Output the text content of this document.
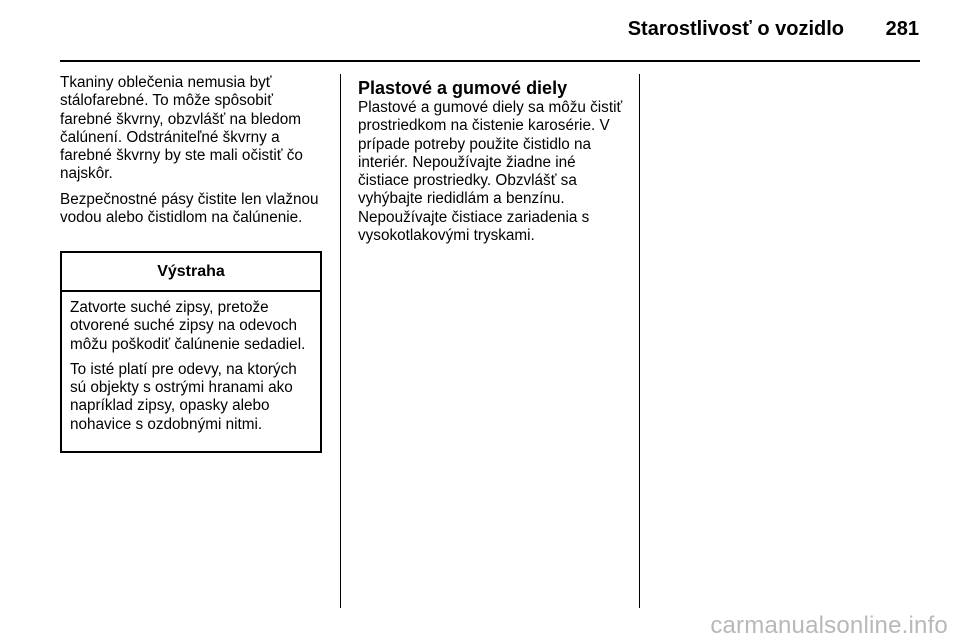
Starostlivosť o vozidlo 281

Tkaniny oblečenia nemusia byť stálofarebné. To môže spôsobiť farebné škvrny, obzvlášť na bledom čalúnení. Odstrániteľné škvrny a farebné škvrny by ste mali očistiť čo najskôr.

Bezpečnostné pásy čistite len vlažnou vodou alebo čistidlom na čalúnenie.

Výstraha

Zatvorte suché zipsy, pretože otvorené suché zipsy na odevoch môžu poškodiť čalúnenie sedadiel.

To isté platí pre odevy, na ktorých sú objekty s ostrými hranami ako napríklad zipsy, opasky alebo nohavice s ozdobnými nitmi.

Plastové a gumové diely

Plastové a gumové diely sa môžu čistiť prostriedkom na čistenie karosérie. V prípade potreby použite čistidlo na interiér. Nepoužívajte žiadne iné čistiace prostriedky. Obzvlášť sa vyhýbajte riedidlám a benzínu. Nepoužívajte čistiace zariadenia s vysokotlakovými tryskami.

carmanualsonline.info
